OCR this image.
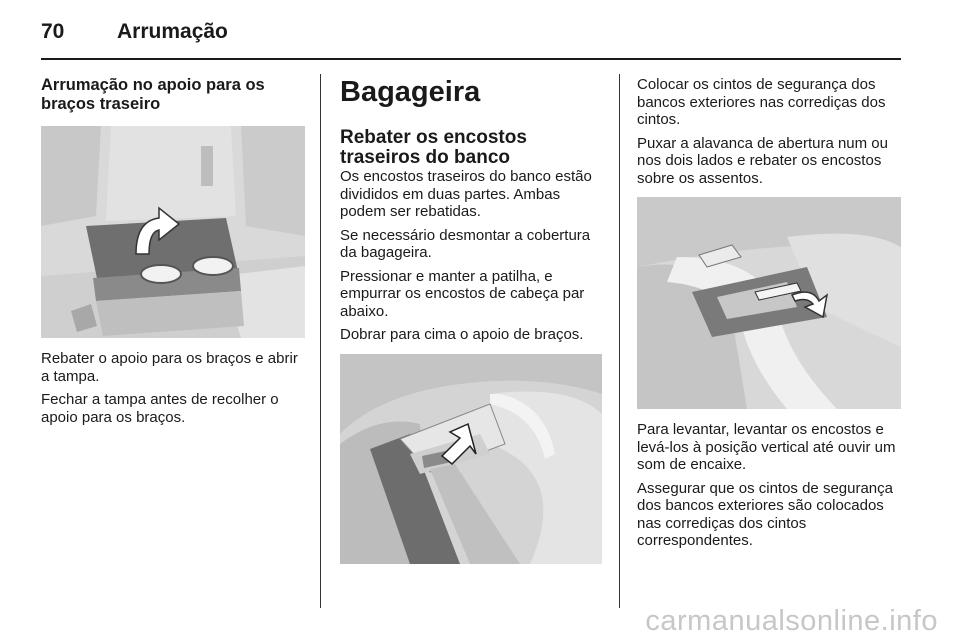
70	Arrumação
Arrumação no apoio para os braços traseiro

Rebater o apoio para os braços e abrir a tampa.

Fechar a tampa antes de recolher o apoio para os braços.

Bagageira
Rebater os encostos traseiros do banco

Os encostos traseiros do banco estão divididos em duas partes. Ambas podem ser rebatidas.

Se necessário desmontar a cobertura da bagageira.

Pressionar e manter a patilha, e empurrar os encostos de cabeça par abaixo.

Dobrar para cima o apoio de braços.

Colocar os cintos de segurança dos bancos exteriores nas corrediças dos cintos.

Puxar a alavanca de abertura num ou nos dois lados e rebater os encostos sobre os assentos.

Para levantar, levantar os encostos e levá-los à posição vertical até ouvir um som de encaixe.

Assegurar que os cintos de segurança dos bancos exteriores são colocados nas corrediças dos cintos correspondentes.

carmanualsonline.info
